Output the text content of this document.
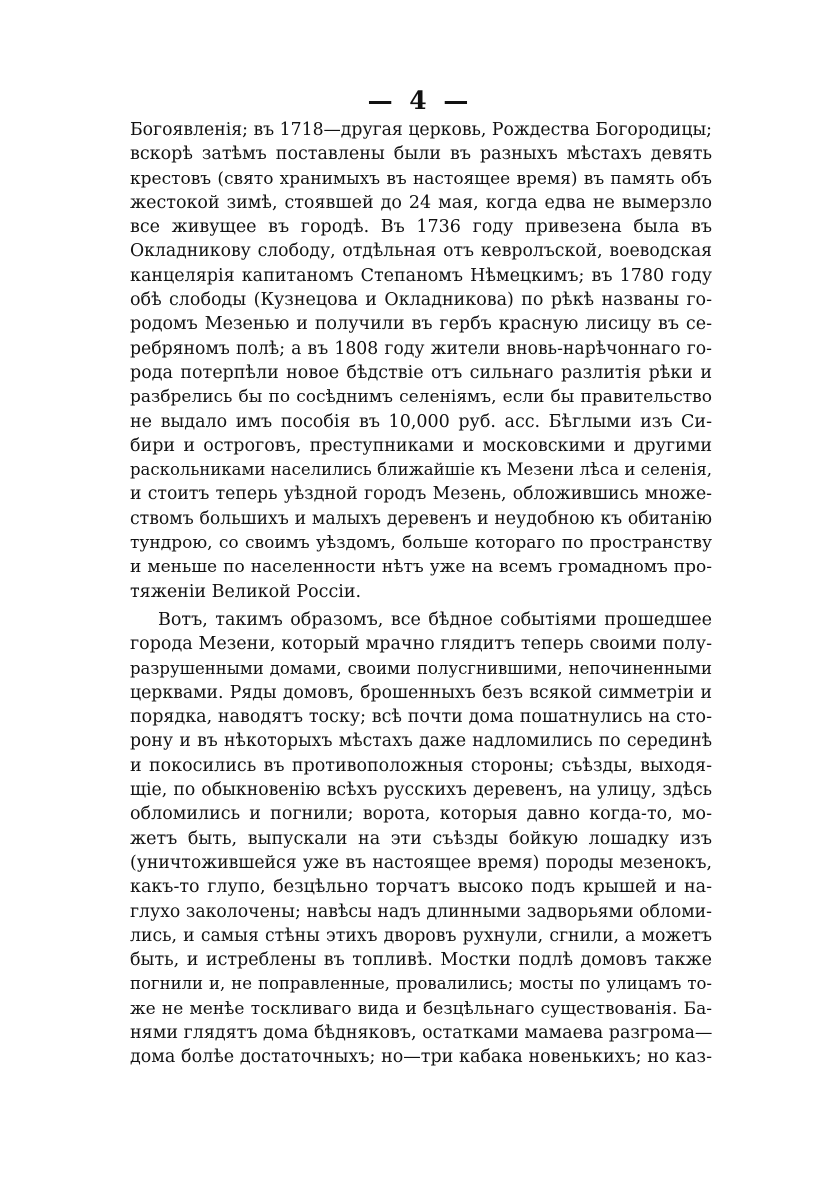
— 4 —
Богоявленія; въ 1718—другая церковь, Рождества Богородицы;
вскорѣ затѣмъ поставлены были въ разныхъ мѣстахъ девять
крестовъ (свято хранимыхъ въ настоящее время) въ память объ
жестокой зимѣ, стоявшей до 24 мая, когда едва не вымерзло
все живущее въ городѣ. Въ 1736 году привезена была въ
Окладникову слободу, отдѣльная отъ кевролъской, воеводская
канцелярія капитаномъ Степаномъ Нѣмецкимъ; въ 1780 году
обѣ слободы (Кузнецова и Окладникова) по рѣкѣ названы го-
родомъ Мезенью и получили въ гербъ красную лисицу въ се-
ребряномъ полѣ; а въ 1808 году жители вновь-нарѣчоннаго го-
рода потерпѣли новое бѣдствіе отъ сильнаго разлитія рѣки и
разбрелись бы по сосѣднимъ селеніямъ, если бы правительство
не выдало имъ пособія въ 10,000 руб. асс. Бѣглыми изъ Си-
бири и остроговъ, преступниками и московскими и другими
раскольниками населились ближайшіе къ Мезени лѣса и селенія,
и стоитъ теперь уѣздной городъ Мезень, обложившись множе-
ствомъ большихъ и малыхъ деревенъ и неудобною къ обитанію
тундрою, со своимъ уѣздомъ, больше котораго по пространству
и меньше по населенности нѣтъ уже на всемъ громадномъ про-
тяженіи Великой Россіи.
Вотъ, такимъ образомъ, все бѣдное событіями прошедшее
города Мезени, который мрачно глядитъ теперь своими полу-
разрушенными домами, своими полусгнившими, непочиненными
церквами. Ряды домовъ, брошенныхъ безъ всякой симметріи и
порядка, наводятъ тоску; всѣ почти дома пошатнулись на сто-
рону и въ нѣкоторыхъ мѣстахъ даже надломились по серединѣ
и покосились въ противоположныя стороны; съѣзды, выходя-
щіе, по обыкновенію всѣхъ русскихъ деревенъ, на улицу, здѣсь
обломились и погнили; ворота, которыя давно когда-то, мо-
жетъ быть, выпускали на эти съѣзды бойкую лошадку изъ
(уничтожившейся уже въ настоящее время) породы мезенокъ,
какъ-то глупо, безцѣльно торчатъ высоко подъ крышей и на-
глухо заколочены; навѣсы надъ длинными задворьями обломи-
лись, и самыя стѣны этихъ дворовъ рухнули, сгнили, а можетъ
быть, и истреблены въ топливѣ. Мостки подлѣ домовъ также
погнили и, не поправленные, провалились; мосты по улицамъ то-
же не менѣе тоскливаго вида и безцѣльнаго существованія. Ба-
нями глядятъ дома бѣдняковъ, остатками мамаева разгрома—
дома болѣе достаточныхъ; но—три кабака новенькихъ; но каз-
